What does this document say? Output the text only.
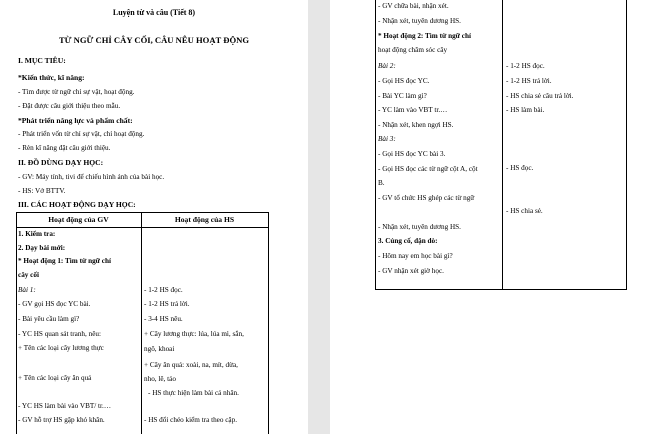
Luyện từ và câu (Tiết 8)
TỪ NGỮ CHỈ CÂY CỐI, CÂU NÊU HOẠT ĐỘNG
I. MỤC TIÊU:
*Kiến thức, kĩ năng:
- Tìm được từ ngữ chỉ sự vật, hoạt động.
- Đặt được câu giới thiệu theo mẫu.
*Phát triển năng lực và phẩm chất:
- Phát triển vốn từ chỉ sự vật, chỉ hoạt động.
- Rèn kĩ năng đặt câu giới thiệu.
II. ĐỒ DÙNG DẠY HỌC:
- GV: Máy tính, tivi để chiếu hình ảnh của bài học.
- HS: Vở BTTV.
III. CÁC HOẠT ĐỘNG DẠY HỌC:
Hoạt động của GV	Hoạt động của HS
1. Kiểm tra:
2. Dạy bài mới:
* Hoạt động 1: Tìm từ ngữ chỉ
cây cối
Bài 1:
- GV gọi HS đọc YC bài.
- Bài yêu cầu làm gì?
- YC HS quan sát tranh, nêu:
+ Tên các loại cây lương thực
+ Tên các loại cây ăn quả
- YC HS làm bài vào VBT/ tr.…
- GV hỗ trợ HS gặp khó khăn.
- 1-2 HS đọc.
- 1-2 HS trả lời.
- 3-4 HS nêu.
+ Cây lương thực: lúa, lúa mì, sắn,
ngô, khoai
+ Cây ăn quả: xoài, na, mít, dừa,
nho, lê, táo
- HS thực hiện làm bài cá nhân.
- HS đổi chéo kiểm tra theo cặp.
- GV chữa bài, nhận xét.
- Nhận xét, tuyên dương HS.
* Hoạt động 2: Tìm từ ngữ chỉ
hoạt động chăm sóc cây
Bài 2:
- Gọi HS đọc YC.
- Bài YC làm gì?
- YC làm vào VBT tr.…
- Nhận xét, khen ngợi HS.
Bài 3:
- Gọi HS đọc YC bài 3.
- Gọi HS đọc các từ ngữ cột A, cột
B.
- GV tổ chức HS ghép các từ ngữ
- Nhận xét, tuyên dương HS.
3. Củng cố, dặn dò:
- Hôm nay em học bài gì?
- GV nhận xét giờ học.
- 1-2 HS đọc.
- 1-2 HS trả lời.
- HS chia sẻ câu trả lời.
- HS làm bài.
- HS đọc.
- HS chia sẻ.
